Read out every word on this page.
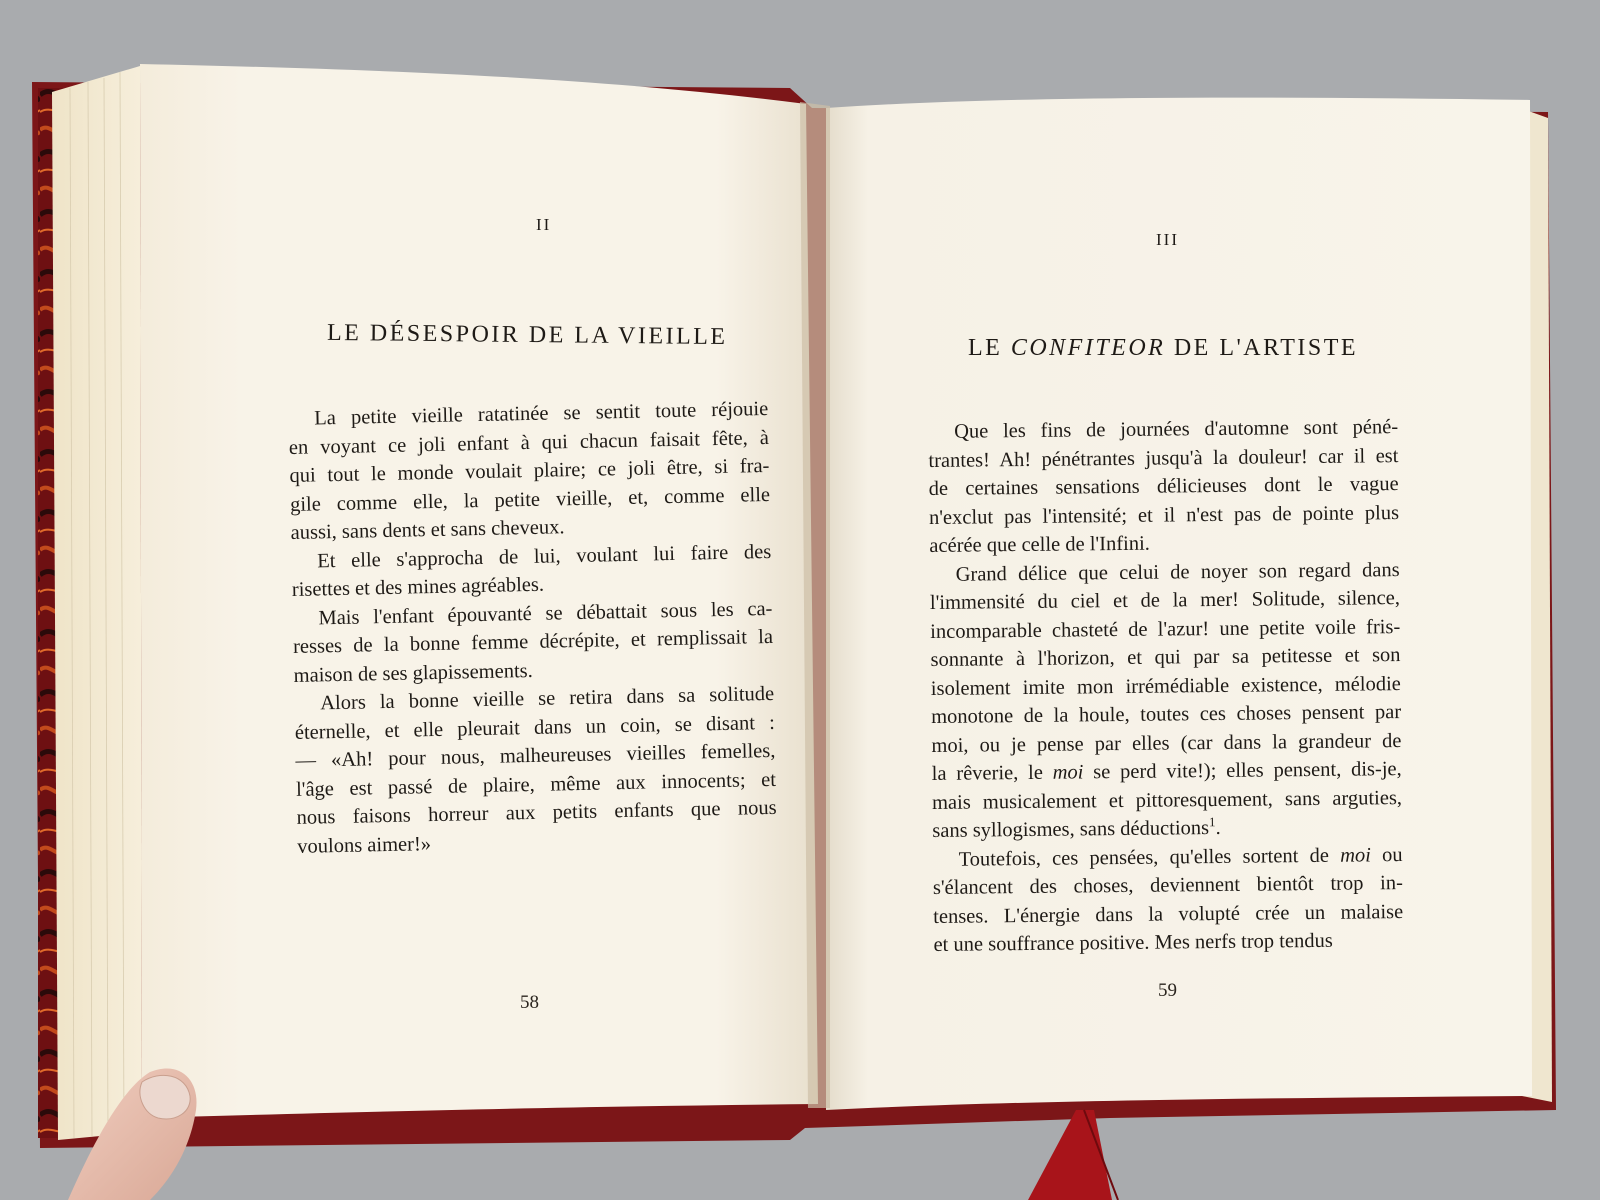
II
LE DÉSESPOIR DE LA VIEILLE
La petite vieille ratatinée se sentit toute réjouie
en voyant ce joli enfant à qui chacun faisait fête, à
qui tout le monde voulait plaire; ce joli être, si fra-
gile comme elle, la petite vieille, et, comme elle
aussi, sans dents et sans cheveux.
Et elle s'approcha de lui, voulant lui faire des
risettes et des mines agréables.
Mais l'enfant épouvanté se débattait sous les ca-
resses de la bonne femme décrépite, et remplissait la
maison de ses glapissements.
Alors la bonne vieille se retira dans sa solitude
éternelle, et elle pleurait dans un coin, se disant :
— «Ah! pour nous, malheureuses vieilles femelles,
l'âge est passé de plaire, même aux innocents; et
nous faisons horreur aux petits enfants que nous
voulons aimer!»
58
III
LE CONFITEOR DE L'ARTISTE
Que les fins de journées d'automne sont péné-
trantes! Ah! pénétrantes jusqu'à la douleur! car il est
de certaines sensations délicieuses dont le vague
n'exclut pas l'intensité; et il n'est pas de pointe plus
acérée que celle de l'Infini.
Grand délice que celui de noyer son regard dans
l'immensité du ciel et de la mer! Solitude, silence,
incomparable chasteté de l'azur! une petite voile fris-
sonnante à l'horizon, et qui par sa petitesse et son
isolement imite mon irrémédiable existence, mélodie
monotone de la houle, toutes ces choses pensent par
moi, ou je pense par elles (car dans la grandeur de
la rêverie, le moi se perd vite!); elles pensent, dis-je,
mais musicalement et pittoresquement, sans arguties,
sans syllogismes, sans déductions$^1$.
Toutefois, ces pensées, qu'elles sortent de moi ou
s'élancent des choses, deviennent bientôt trop in-
tenses. L'énergie dans la volupté crée un malaise
et une souffrance positive. Mes nerfs trop tendus
59
